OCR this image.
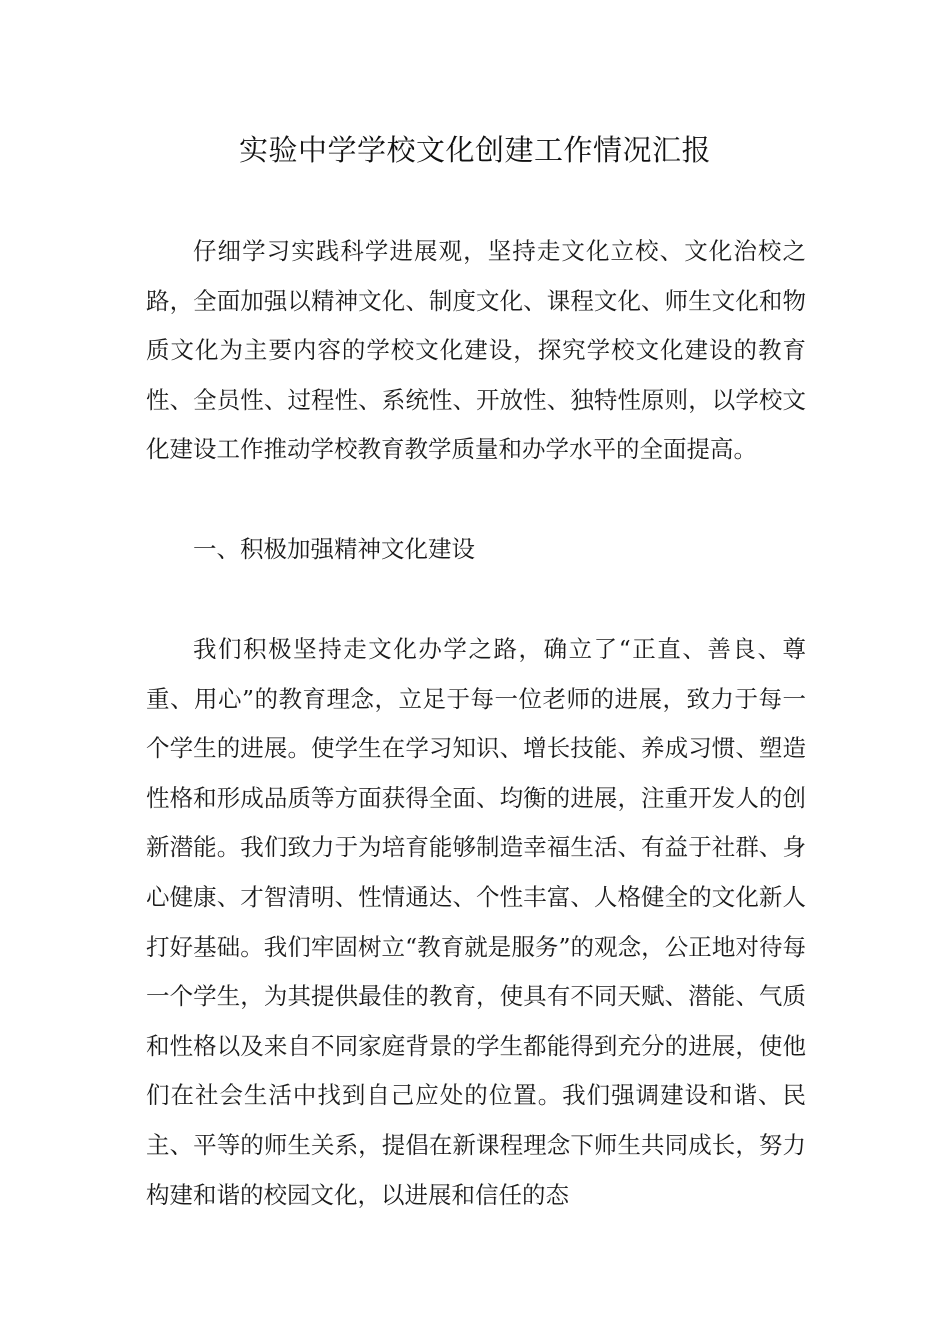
实验中学学校文化创建工作情况汇报

仔细学习实践科学进展观，坚持走文化立校、文化治校之路，全面加强以精神文化、制度文化、课程文化、师生文化和物质文化为主要内容的学校文化建设，探究学校文化建设的教育性、全员性、过程性、系统性、开放性、独特性原则，以学校文化建设工作推动学校教育教学质量和办学水平的全面提高。

一、积极加强精神文化建设

我们积极坚持走文化办学之路，确立了“正直、善良、尊重、用心”的教育理念，立足于每一位老师的进展，致力于每一个学生的进展。使学生在学习知识、增长技能、养成习惯、塑造性格和形成品质等方面获得全面、均衡的进展，注重开发人的创新潜能。我们致力于为培育能够制造幸福生活、有益于社群、身心健康、才智清明、性情通达、个性丰富、人格健全的文化新人打好基础。我们牢固树立“教育就是服务”的观念，公正地对待每一个学生，为其提供最佳的教育，使具有不同天赋、潜能、气质和性格以及来自不同家庭背景的学生都能得到充分的进展，使他们在社会生活中找到自己应处的位置。我们强调建设和谐、民主、平等的师生关系，提倡在新课程理念下师生共同成长，努力构建和谐的校园文化，以进展和信任的态
